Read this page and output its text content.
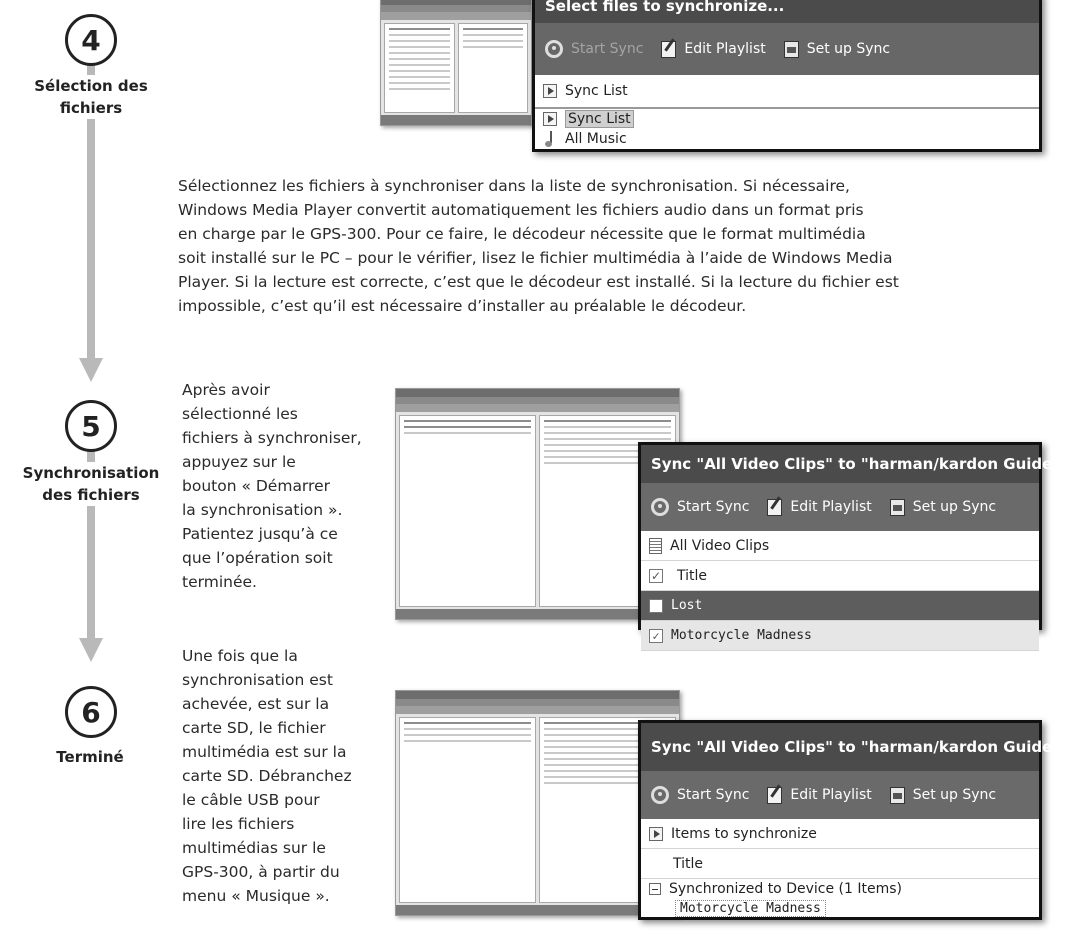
4
Sélection des
fichiers
Select files to synchronize...
Start Sync	Edit Playlist	Set up Sync
Sync List
Sync List
All Music
Sélectionnez les fichiers à synchroniser dans la liste de synchronisation. Si nécessaire,
Windows Media Player convertit automatiquement les fichiers audio dans un format pris
en charge par le GPS-300. Pour ce faire, le décodeur nécessite que le format multimédia
soit installé sur le PC – pour le vérifier, lisez le fichier multimédia à l’aide de Windows Media
Player. Si la lecture est correcte, c’est que le décodeur est installé. Si la lecture du fichier est
impossible, c’est qu’il est nécessaire d’installer au préalable le décodeur.
5
Synchronisation
des fichiers
Après avoir
sélectionné les
fichiers à synchroniser,
appuyez sur le
bouton « Démarrer
la synchronisation ».
Patientez jusqu’à ce
que l’opération soit
terminée.
Sync "All Video Clips" to "harman/kardon Guide+Pl
Start Sync	Edit Playlist	Set up Sync
All Video Clips
✓	Title
Lost
✓ Motorcycle Madness
6
Terminé
Une fois que la
synchronisation est
achevée, est sur la
carte SD, le fichier
multimédia est sur la
carte SD. Débranchez
le câble USB pour
lire les fichiers
multimédias sur le
GPS-300, à partir du
menu « Musique ».
Sync "All Video Clips" to "harman/kardon Guide+Pl
Start Sync	Edit Playlist	Set up Sync
Items to synchronize
Title
Synchronized to Device (1 Items)
Motorcycle Madness
